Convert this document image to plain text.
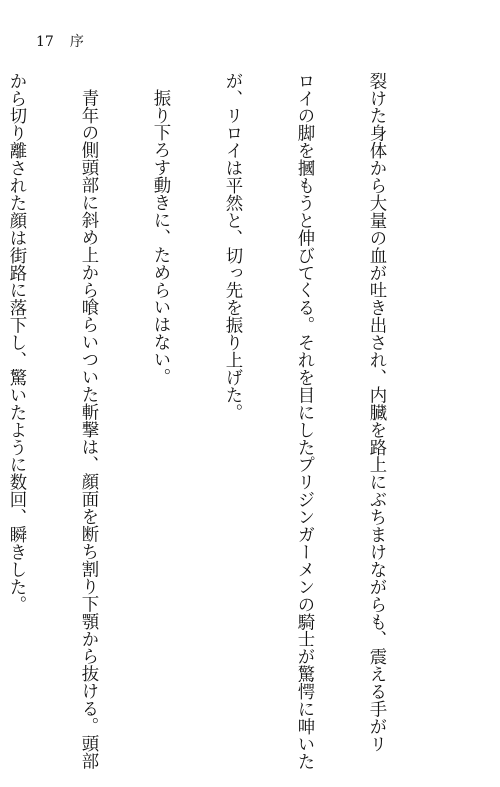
17 序

裂けた身体から大量の血が吐き出され、内臓を路上にぶちまけながらも、震える手がリ

ロイの脚を摑もうと伸びてくる。それを目にしたプリジンガーメンの騎士が驚愕に呻いた

が、リロイは平然と、切っ先を振り上げた。

振り下ろす動きに、ためらいはない。

青年の側頭部に斜め上から喰らいついた斬撃は、顔面を断ち割り下顎から抜ける。頭部

から切り離された顔は街路に落下し、驚いたように数回、瞬きした。
